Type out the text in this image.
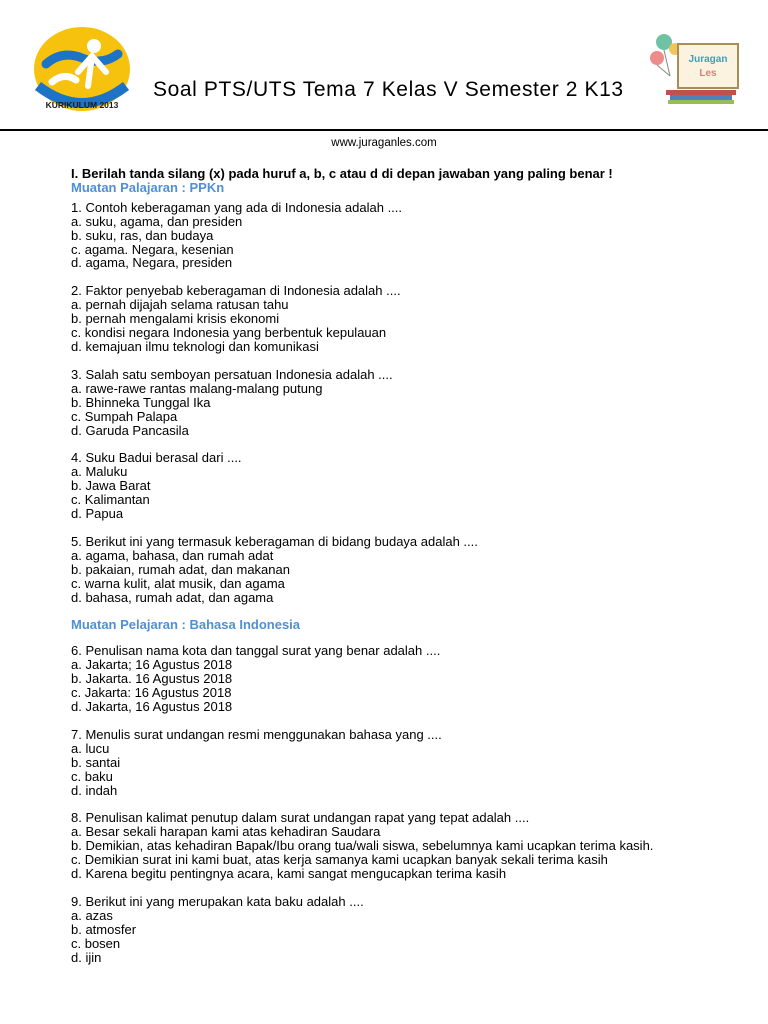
KURIKULUM 2013
Soal PTS/UTS Tema 7 Kelas V Semester 2 K13
Juragan
Les
www.juraganles.com

I. Berilah tanda silang (x) pada huruf a, b, c atau d di depan jawaban yang paling benar !

Muatan Palajaran : PPKn

1. Contoh keberagaman yang ada di Indonesia adalah ....

a. suku, agama, dan presiden

b. suku, ras, dan budaya

c. agama. Negara, kesenian

d. agama, Negara, presiden

2. Faktor penyebab keberagaman di Indonesia adalah ....

a. pernah dijajah selama ratusan tahu

b. pernah mengalami krisis ekonomi

c. kondisi negara Indonesia yang berbentuk kepulauan

d. kemajuan ilmu teknologi dan komunikasi

3. Salah satu semboyan persatuan Indonesia adalah ....

a. rawe-rawe rantas malang-malang putung

b. Bhinneka Tunggal Ika

c. Sumpah Palapa

d. Garuda Pancasila

4. Suku Badui berasal dari ....

a. Maluku

b. Jawa Barat

c. Kalimantan

d. Papua

5. Berikut ini yang termasuk keberagaman di bidang budaya adalah ....

a. agama, bahasa, dan rumah adat

b. pakaian, rumah adat, dan makanan

c. warna kulit, alat musik, dan agama

d. bahasa, rumah adat, dan agama

Muatan Pelajaran : Bahasa Indonesia

6. Penulisan nama kota dan tanggal surat yang benar adalah ....

a. Jakarta; 16 Agustus 2018

b. Jakarta. 16 Agustus 2018

c. Jakarta: 16 Agustus 2018

d. Jakarta, 16 Agustus 2018

7. Menulis surat undangan resmi menggunakan bahasa yang ....

a. lucu

b. santai

c. baku

d. indah

8. Penulisan kalimat penutup dalam surat undangan rapat yang tepat adalah ....

a. Besar sekali harapan kami atas kehadiran Saudara

b. Demikian, atas kehadiran Bapak/Ibu orang tua/wali siswa, sebelumnya kami ucapkan terima kasih.

c. Demikian surat ini kami buat, atas kerja samanya kami ucapkan banyak sekali terima kasih

d. Karena begitu pentingnya acara, kami sangat mengucapkan terima kasih

9. Berikut ini yang merupakan kata baku adalah ....

a. azas

b. atmosfer

c. bosen

d. ijin
